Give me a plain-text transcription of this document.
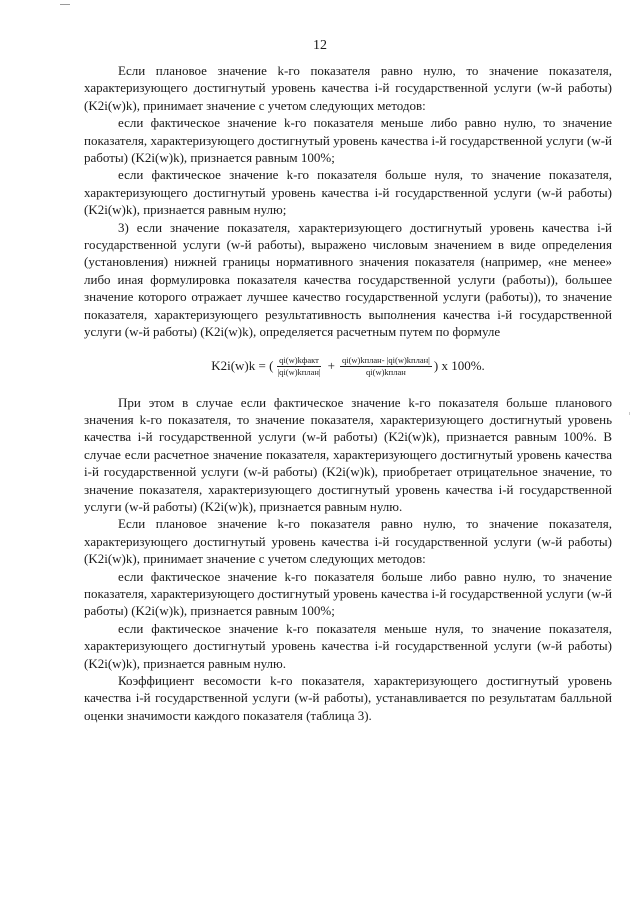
12

Если плановое значение k-го показателя равно нулю, то значение показателя, характеризующего достигнутый уровень качества i-й государственной услуги (w-й работы) (K2i(w)k), принимает значение с учетом следующих методов:

если фактическое значение k-го показателя меньше либо равно нулю, то значение показателя, характеризующего достигнутый уровень качества i-й государственной услуги (w-й работы) (K2i(w)k), признается равным 100%;

если фактическое значение k-го показателя больше нуля, то значение показателя, характеризующего достигнутый уровень качества i-й государственной услуги (w-й работы) (K2i(w)k), признается равным нулю;

3) если значение показателя, характеризующего достигнутый уровень качества i-й государственной услуги (w-й работы), выражено числовым значением в виде определения (установления) нижней границы нормативного значения показателя (например, «не менее» либо иная формулировка показателя качества государственной услуги (работы)), большее значение которого отражает лучшее качество государственной услуги (работы)), то значение показателя, характеризующего результативность выполнения качества i-й государственной услуги (w-й работы) (K2i(w)k), определяется расчетным путем по формуле

K2i(w)k = ( $\frac{\text{qi(w)kфакт}}{\text{|qi(w)kплан|}} + \frac{\text{qi(w)kплан- |qi(w)kплан|}}{\text{qi(w)kплан}}$ ) x 100%.

При этом в случае если фактическое значение k-го показателя больше планового значения k-го показателя, то значение показателя, характеризующего достигнутый уровень качества i-й государственной услуги (w-й работы) (K2i(w)k), признается равным 100%. В случае если расчетное значение показателя, характеризующего достигнутый уровень качества i-й государственной услуги (w-й работы) (K2i(w)k), приобретает отрицательное значение, то значение показателя, характеризующего достигнутый уровень качества i-й государственной услуги (w-й работы) (K2i(w)k), признается равным нулю.

Если плановое значение k-го показателя равно нулю, то значение показателя, характеризующего достигнутый уровень качества i-й государственной услуги (w-й работы) (K2i(w)k), принимает значение с учетом следующих методов:

если фактическое значение k-го показателя больше либо равно нулю, то значение показателя, характеризующего достигнутый уровень качества i-й государственной услуги (w-й работы) (K2i(w)k), признается равным 100%;

если фактическое значение k-го показателя меньше нуля, то значение показателя, характеризующего достигнутый уровень качества i-й государственной услуги (w-й работы) (K2i(w)k), признается равным нулю.

Коэффициент весомости k-го показателя, характеризующего достигнутый уровень качества i-й государственной услуги (w-й работы), устанавливается по результатам балльной оценки значимости каждого показателя (таблица 3).
